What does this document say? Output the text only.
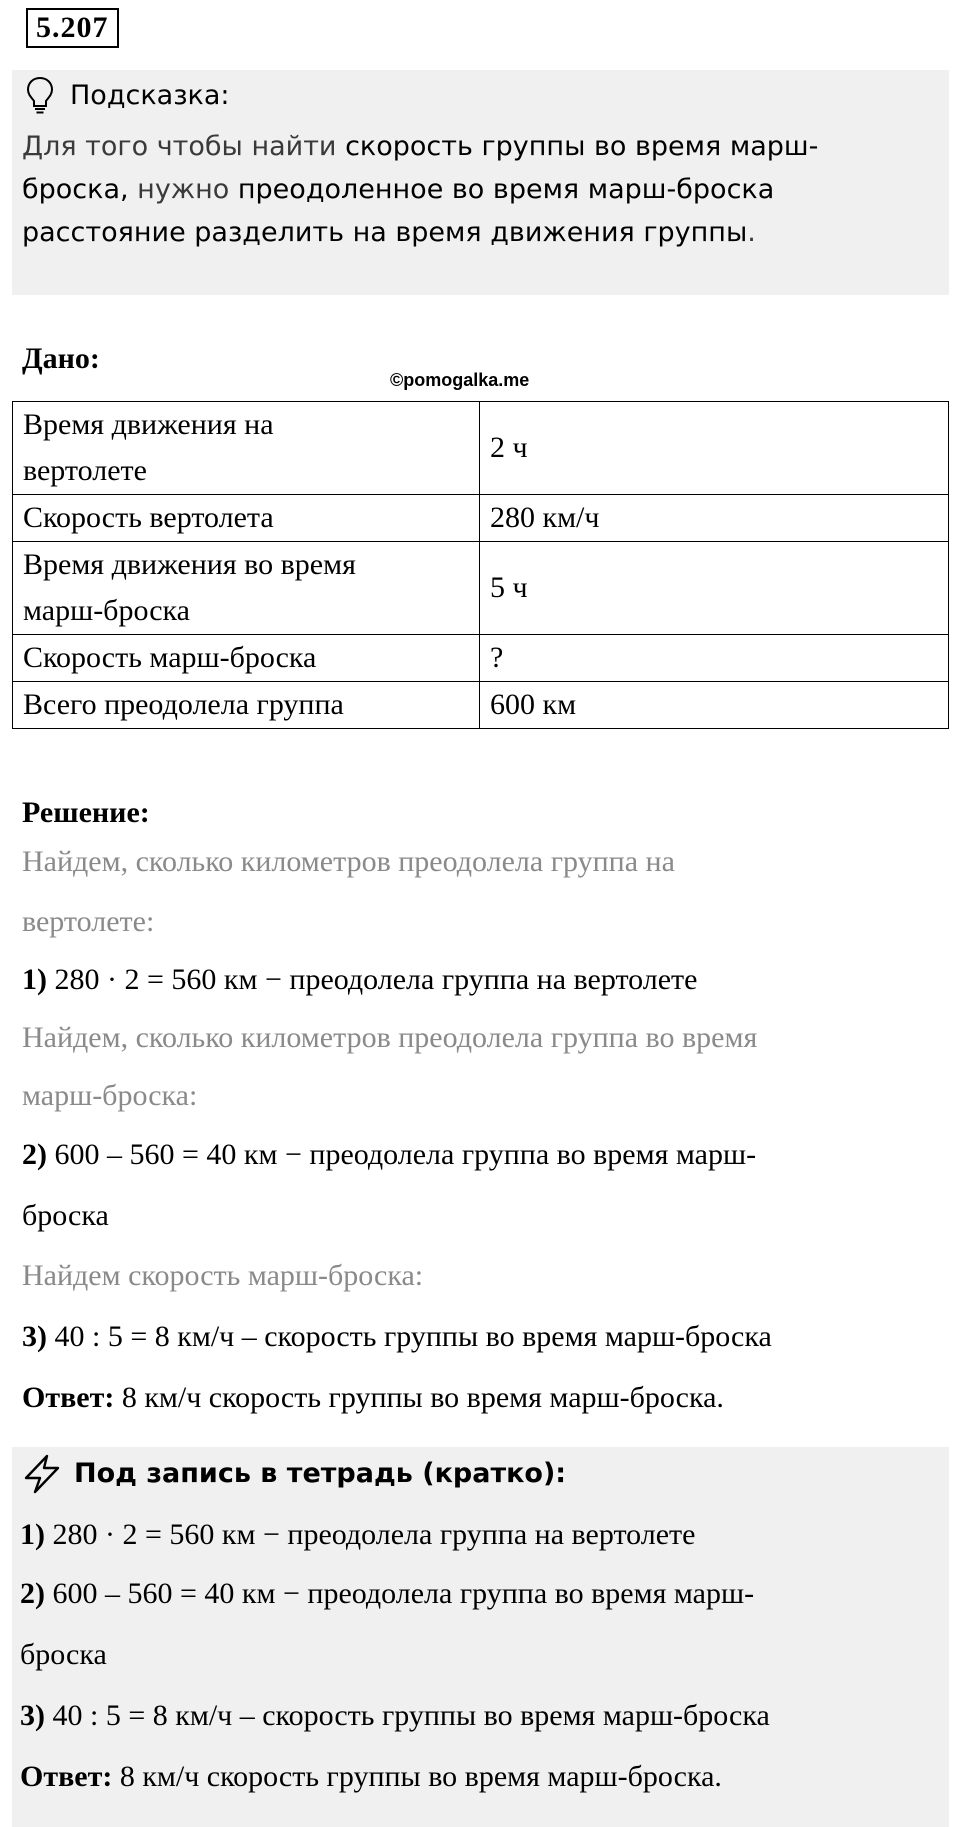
5.207
Подсказка:
Для того чтобы найти скорость группы во время марш-
броска, нужно преодоленное во время марш-броска
расстояние разделить на время движения группы.
Дано:
©pomogalka.me
Время движения на вертолете	2 ч
Скорость вертолета	280 км/ч
Время движения во время марш-броска	5 ч
Скорость марш-броска	?
Всего преодолела группа	600 км
Решение:
Найдем, сколько километров преодолела группа на
вертолете:
1) 280 · 2 = 560 км − преодолела группа на вертолете
Найдем, сколько километров преодолела группа во время
марш-броска:
2) 600 – 560 = 40 км − преодолела группа во время марш-
броска
Найдем скорость марш-броска:
3) 40 : 5 = 8 км/ч – скорость группы во время марш-броска
Ответ: 8 км/ч скорость группы во время марш-броска.
Под запись в тетрадь (кратко):
1) 280 · 2 = 560 км − преодолела группа на вертолете
2) 600 – 560 = 40 км − преодолела группа во время марш-
броска
3) 40 : 5 = 8 км/ч – скорость группы во время марш-броска
Ответ: 8 км/ч скорость группы во время марш-броска.
